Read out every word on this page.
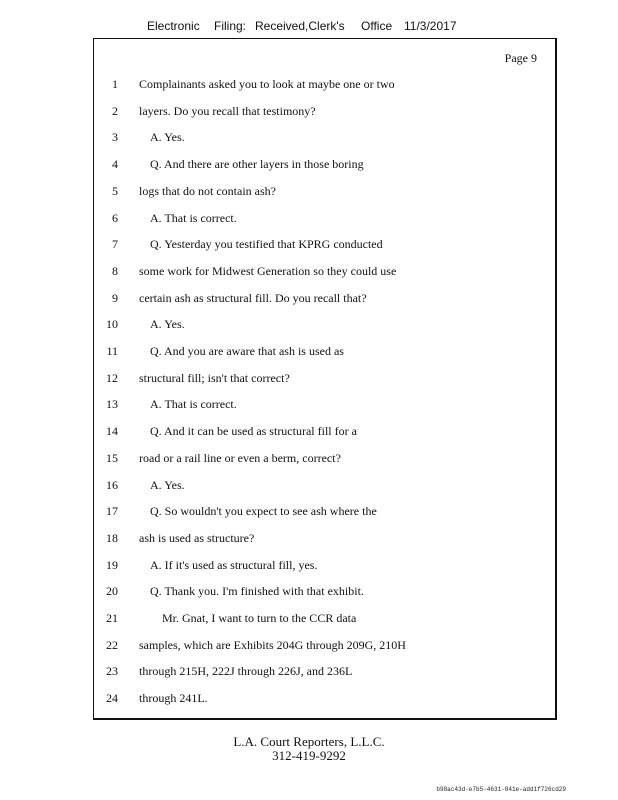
Electronic Filing: Received,Clerk's Office 11/3/2017
Page 9
1 Complainants asked you to look at maybe one or two
2 layers. Do you recall that testimony?
3	A. Yes.
4	Q. And there are other layers in those boring
5 logs that do not contain ash?
6	A. That is correct.
7	Q. Yesterday you testified that KPRG conducted
8 some work for Midwest Generation so they could use
9 certain ash as structural fill. Do you recall that?
10	A. Yes.
11	Q. And you are aware that ash is used as
12 structural fill; isn't that correct?
13	A. That is correct.
14	Q. And it can be used as structural fill for a
15 road or a rail line or even a berm, correct?
16	A. Yes.
17	Q. So wouldn't you expect to see ash where the
18 ash is used as structure?
19	A. If it's used as structural fill, yes.
20	Q. Thank you. I'm finished with that exhibit.
21	Mr. Gnat, I want to turn to the CCR data
22 samples, which are Exhibits 204G through 209G, 210H
23 through 215H, 222J through 226J, and 236L
24 through 241L.
L.A. Court Reporters, L.L.C.
312-419-9292
b98ac43d-e7b5-4631-841e-add1f726cd29
